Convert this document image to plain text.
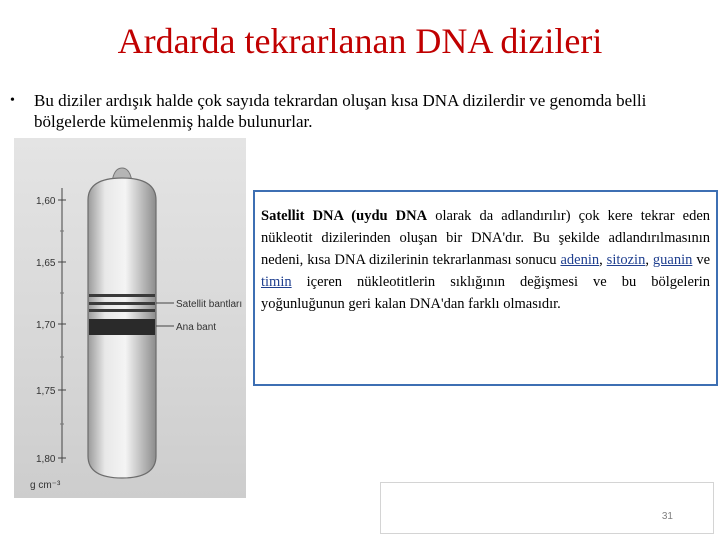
Ardarda tekrarlanan DNA dizileri
• Bu diziler ardışık halde çok sayıda tekrardan oluşan kısa DNA dizilerdir ve genomda belli bölgelerde kümelenmiş halde bulunurlar.
1,60
1,65
1,70
1,75
1,80
g cm⁻³
Satellit bantları
Ana bant
Satellit DNA (uydu DNA olarak da adlandırılır) çok kere tekrar eden nükleotit dizilerinden oluşan bir DNA'dır. Bu şekilde adlandırılmasının nedeni, kısa DNA dizilerinin tekrarlanması sonucu adenin, sitozin, guanin ve timin içeren nükleotitlerin sıklığının değişmesi ve bu bölgelerin yoğunluğunun geri kalan DNA'dan farklı olmasıdır.
31
